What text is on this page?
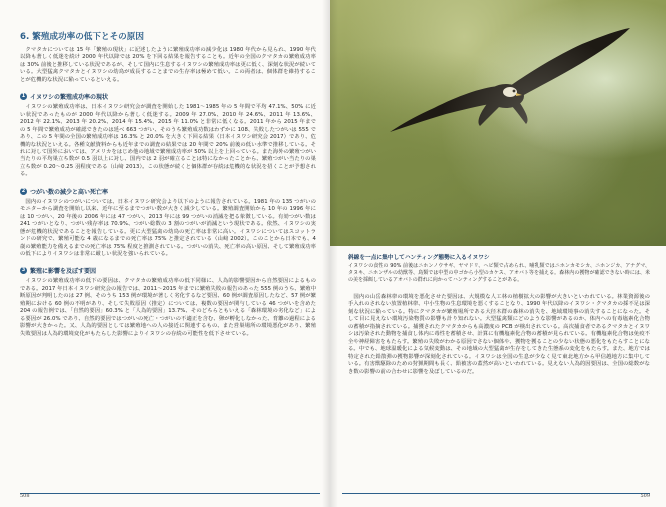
6. 繁殖成功率の低下とその原因

クマタカについては 15 年「繁殖の現状」に記述したように繁殖成功率の減少化は 1980 年代から見られ、1990 年代以降も著しく低迷を続け 2000 年代以降では 20% を下回る結果を報告することも。近年の全国のクマタカの繁殖成功率は 30% 前後と推移している状況であるが、そして国内に生息するイヌワシの繁殖成功率は更に低く、深刻な状況が続いている。大型猛禽クマタカとイヌワシの幼鳥が成長することまでの生存率は極めて低い。この両者は、個体群を維持することが危機的な状況に陥っているといえる。

1 イヌワシの繁殖成功率の現状

イヌワシの繁殖成功率は、日本イヌワシ研究会が調査を開始した 1981〜1985 年の 5 年間で平均 47.1%、50% に近い状況であったものが 2000 年代以降から著しく低迷する。2009 年 27.0%、2010 年 24.6%、2011 年 13.6%、2012 年 22.1%、2013 年 20.2%、2014 年 15.4%、2015 年 11.0% と非常に低くなる。2011 年から 2015 年までの 5 年間で繁殖成功が確認できたのは延べ 663 つがい、そのうち繁殖成功数はわずかに 108、失敗したつがいは 555 であり、この 5 年間の全国の繁殖成功率は 16.3% と 20.0% を大きく下回る結果（日本イヌワシ研究会 2017）であり、危機的な状況といえる。各種文献資料からも近年までの調査の結果では 20 年間で 20% 前後の低い水準で推移している。それに対して国外においては、アメリカをはじめ他の地域で繁殖成功率が 50% 以上を上回っている。また海外の繁殖つがい当たりの平均巣立ち数が 0.5 羽以上に対し、国内では 2 羽が確立ることは特になかったことから、繁殖つがい当たりの巣立ち数が 0.20〜0.25 羽程度である（山﨑 2013）。この状態が続くと個体群が存続は危機的な状況を招くことが予想される。

2 つがい数の減少と高い死亡率

国内のイヌワシのつがいについては、日本イヌワシ研究会より以下のように報告されている。1981 年の 135 つがいのモニターから調査を開始し以来、近年に至るまでつがい数が大きく減少している。繁殖調査開始から 10 年の 1996 年には 10 つがい、20 年後の 2006 年には 47 つがい、2013 年には 99 つがいの消滅を把る象徴している。有効つがい数は 241 つがいとなり、つがい残存率は 70.9%、つがい総数の 3 割のつがいが消滅という現状である。依然、イヌワシの実態が危機的状況であることを報告している。更に大型猛禽の幼鳥の死亡率は非常に高い。イヌワシについてはスコットランドの研究で、繁殖可能な 4 歳になるまでの死亡率は 75% と推定されている（山﨑 2002）。このことから日本でも、4 歳の繁殖能力を備えるまでの死亡率は 75% 程度と推測されている。つがいの消失、死亡率の高い原因、そして繁殖成功率の低下によりイヌワシは非常に厳しい状況を強いられている。

3 繁殖に影響を及ぼす要因

イヌワシの繁殖成功率の低下の要因は、クマタカの繁殖成功率の低下同様に、人為的影響要因から自然要因によるものである。2017 年日本イヌワシ研究会の報告では、2011〜2015 年までに繁殖失敗の報告のあった 555 例のうち、繁殖中断原因が判明したのは 27 例、そのうち 153 例が環境が著しく劣化するなど要因、60 例が調査原因したなど、57 例が繁殖期における 60 例の不明があり、そして失敗原因（推定）については、複数の要因が関与している 46 つがいを含めた 204 の報告例では、「自然的要因」60.3% と「人為的要因」13.7%、そのどちらともいえる「森林環境の劣化など」による要因が 26.0% であり、自然的要因ではつがいの死亡・つがいの不適正を含む、卵が孵化しなかった、育雛の過程による影響が大きかった。又、人為的要因としては繁殖地への人の接近に関連するもの、また営巣場所の環境悪化があり、繁殖失敗要因は人為的環境変化がもたらした影響によりイヌワシの存続の可能性を低下させている。

508
斜線を一点に集中してハンティング態勢に入るイヌワシ

イヌワシの食性の 90% 前後はニホンノウサギ、ヤマドリ、ヘビ類で占められ、哺乳類ではニホンカモシカ、ニホンジカ、アナグマ、タヌキ、ニホンザルの幼獣等、鳥類では中型の中ゴから小型のカケス、アオバト等を捕える。森林内の獲物が確認できない時には、米の美を採餌しているアオバトの群れに向かってハンティングすることがある。

国内の山岳森林帯の環境を悪化させた要因は、大規模な人工林の植樹拡大の影響が大きいといわれている。林業資源後の手入れのされない放置植林帯、中小生物の生息環境を悪くすることなり、1990 年代以降のイヌワシ・クマタカの採不足は深刻な状況に陥っている。特にクマタカが繁殖場所である大径木群の森林の消失を、地域環境事の消失することになった。そして目に見えない環境汚染物質の影響も計り知れない。大型猛禽類にどのような影響があるのか、体内への有毒塩素化合物の蓄積が指摘されている。捕獲されたクマタカからも高濃度の PCB が検出されている。高次捕食者であるクマタカとイヌワシは汚染された動物を捕食し体内に毒性を蓄積させ、計算に有機塩素化合物の蓄積が見られている。有機塩素化合物は免疫不全や神経障害をもたらす。繁殖の失敗がわかる原因でさない個体や、獲物を獲ることの少ない状態の悪化をもたらすことになる。中でも、地球温暖化による気候変動は、その地域の大型猛禽が生存をしてきた生態系の変化をもたらす。また、地方では特定された鉛散弾の獲物影響が深刻化されている。イヌワシは全国の生息が少なく見て東北地方から甲信越地方に集中している。有害獣駆除のための狩猟期間も長く、鉛被害の蓋然が高いといわれている。見えない人為的因要因は、全国の総数がなき数の影響の前の合わせに影響を及ぼしているのだ。

509
